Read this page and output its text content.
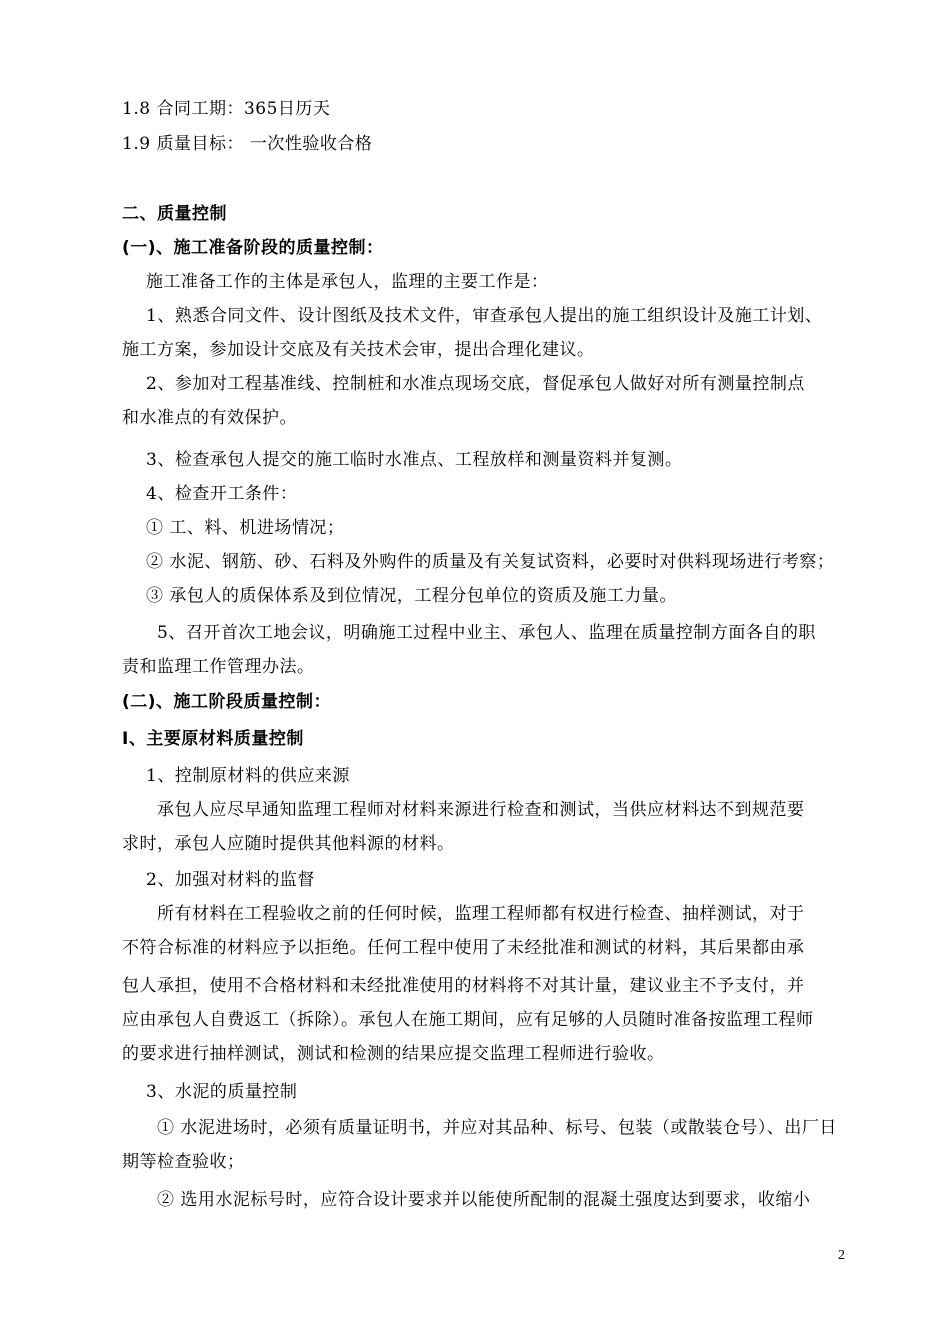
1.8 合同工期：365日历天
1.9 质量目标： 一次性验收合格
二、质量控制
(一)、施工准备阶段的质量控制：
施工准备工作的主体是承包人，监理的主要工作是：
1、熟悉合同文件、设计图纸及技术文件，审查承包人提出的施工组织设计及施工计划、
施工方案，参加设计交底及有关技术会审，提出合理化建议。
2、参加对工程基准线、控制桩和水准点现场交底，督促承包人做好对所有测量控制点
和水准点的有效保护。
3、检查承包人提交的施工临时水准点、工程放样和测量资料并复测。
4、检查开工条件：
① 工、料、机进场情况；
② 水泥、钢筋、砂、石料及外购件的质量及有关复试资料，必要时对供料现场进行考察；
③ 承包人的质保体系及到位情况，工程分包单位的资质及施工力量。
5、召开首次工地会议，明确施工过程中业主、承包人、监理在质量控制方面各自的职
责和监理工作管理办法。
(二)、施工阶段质量控制：
Ⅰ、主要原材料质量控制
1、控制原材料的供应来源
承包人应尽早通知监理工程师对材料来源进行检查和测试，当供应材料达不到规范要
求时，承包人应随时提供其他料源的材料。
2、加强对材料的监督
所有材料在工程验收之前的任何时候，监理工程师都有权进行检查、抽样测试，对于
不符合标准的材料应予以拒绝。任何工程中使用了未经批准和测试的材料，其后果都由承
包人承担，使用不合格材料和未经批准使用的材料将不对其计量，建议业主不予支付，并
应由承包人自费返工（拆除）。承包人在施工期间，应有足够的人员随时准备按监理工程师
的要求进行抽样测试，测试和检测的结果应提交监理工程师进行验收。
3、水泥的质量控制
① 水泥进场时，必须有质量证明书，并应对其品种、标号、包装（或散装仓号）、出厂日
期等检查验收；
② 选用水泥标号时，应符合设计要求并以能使所配制的混凝土强度达到要求，收缩小
2
